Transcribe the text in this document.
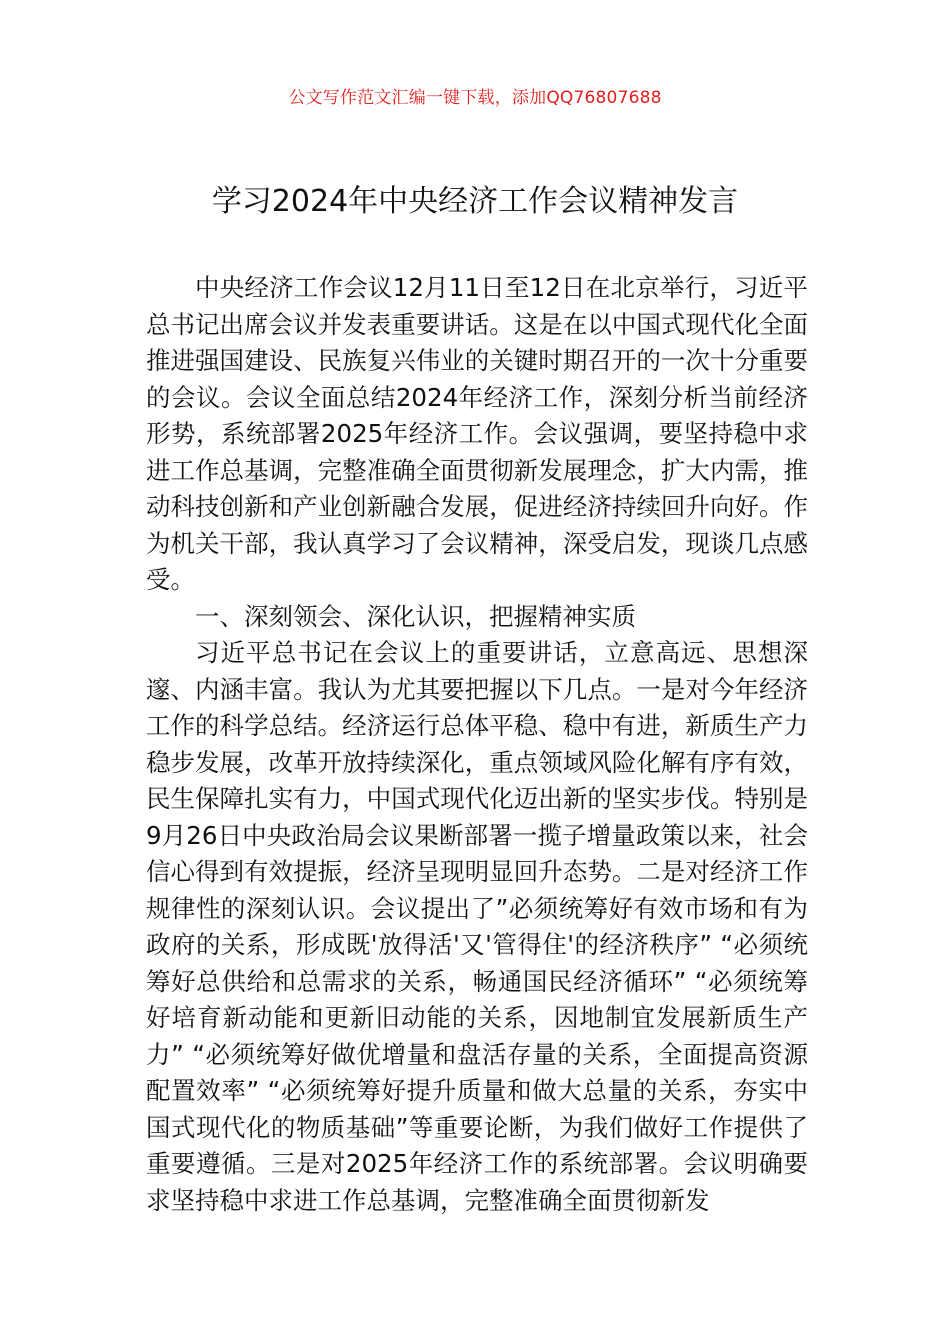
公文写作范文汇编一键下载，添加QQ76807688
学习2024年中央经济工作会议精神发言

中央经济工作会议12月11日至12日在北京举行，习近平总书记出席会议并发表重要讲话。这是在以中国式现代化全面推进强国建设、民族复兴伟业的关键时期召开的一次十分重要的会议。会议全面总结2024年经济工作，深刻分析当前经济形势，系统部署2025年经济工作。会议强调，要坚持稳中求进工作总基调，完整准确全面贯彻新发展理念，扩大内需，推动科技创新和产业创新融合发展，促进经济持续回升向好。作为机关干部，我认真学习了会议精神，深受启发，现谈几点感受。

一、深刻领会、深化认识，把握精神实质

习近平总书记在会议上的重要讲话，立意高远、思想深邃、内涵丰富。我认为尤其要把握以下几点。一是对今年经济工作的科学总结。经济运行总体平稳、稳中有进，新质生产力稳步发展，改革开放持续深化，重点领域风险化解有序有效，民生保障扎实有力，中国式现代化迈出新的坚实步伐。特别是9月26日中央政治局会议果断部署一揽子增量政策以来，社会信心得到有效提振，经济呈现明显回升态势。二是对经济工作规律性的深刻认识。会议提出了”必须统筹好有效市场和有为政府的关系，形成既'放得活'又'管得住'的经济秩序” “必须统筹好总供给和总需求的关系，畅通国民经济循环” “必须统筹好培育新动能和更新旧动能的关系，因地制宜发展新质生产力” “必须统筹好做优增量和盘活存量的关系，全面提高资源配置效率” “必须统筹好提升质量和做大总量的关系，夯实中国式现代化的物质基础”等重要论断，为我们做好工作提供了重要遵循。三是对2025年经济工作的系统部署。会议明确要求坚持稳中求进工作总基调，完整准确全面贯彻新发
